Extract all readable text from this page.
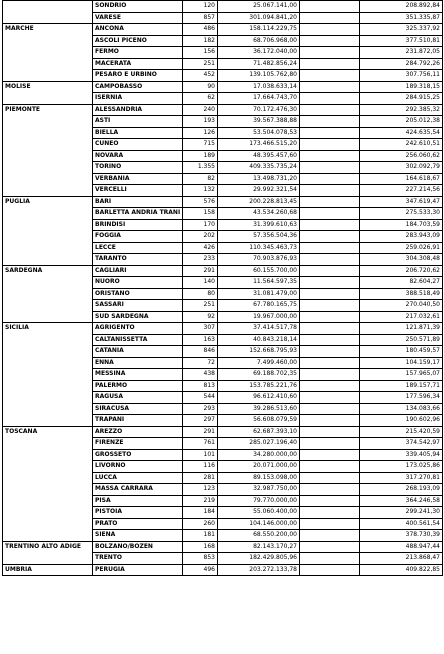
	SONDRIO	120	25.067.141,00		208.892,84
	VARESE	857	301.094.841,20		351.335,87
MARCHE	ANCONA	486	158.114.229,75		325.337,92
	ASCOLI PICENO	182	68.706.968,00		377.510,81
	FERMO	156	36.172.040,00		231.872,05
	MACERATA	251	71.482.856,24		284.792,26
	PESARO E URBINO	452	139.105.762,80		307.756,11
MOLISE	CAMPOBASSO	90	17.038.633,14		189.318,15
	ISERNIA	62	17.664.743,70		284.915,25
PIEMONTE	ALESSANDRIA	240	70.172.476,30		292.385,32
	ASTI	193	39.567.388,88		205.012,38
	BIELLA	126	53.504.078,53		424.635,54
	CUNEO	715	173.466.515,20		242.610,51
	NOVARA	189	48.395.457,60		256.060,62
	TORINO	1.355	409.335.735,24		302.092,79
	VERBANIA	82	13.498.731,20		164.618,67
	VERCELLI	132	29.992.321,54		227.214,56
PUGLIA	BARI	576	200.228.813,45		347.619,47
	BARLETTA ANDRIA TRANI	158	43.534.260,68		275.533,30
	BRINDISI	170	31.399.610,63		184.703,59
	FOGGIA	202	57.356.504,36		283.943,09
	LECCE	426	110.345.463,73		259.026,91
	TARANTO	233	70.903.876,93		304.308,48
SARDEGNA	CAGLIARI	291	60.155.700,00		206.720,62
	NUORO	140	11.564.597,35		82.604,27
	ORISTANO	80	31.081.479,00		388.518,49
	SASSARI	251	67.780.165,75		270.040,50
	SUD SARDEGNA	92	19.967.000,00		217.032,61
SICILIA	AGRIGENTO	307	37.414.517,78		121.871,39
	CALTANISSETTA	163	40.843.218,14		250.571,89
	CATANIA	846	152.668.795,93		180.459,57
	ENNA	72	7.499.460,00		104.159,17
	MESSINA	438	69.188.702,35		157.965,07
	PALERMO	813	153.785.221,76		189.157,71
	RAGUSA	544	96.612.410,60		177.596,34
	SIRACUSA	293	39.286.513,60		134.083,66
	TRAPANI	297	56.608.079,59		190.602,96
TOSCANA	AREZZO	291	62.687.393,10		215.420,59
	FIRENZE	761	285.027.196,40		374.542,97
	GROSSETO	101	34.280.000,00		339.405,94
	LIVORNO	116	20.071.000,00		173.025,86
	LUCCA	281	89.153.098,00		317.270,81
	MASSA CARRARA	123	32.987.750,00		268.193,09
	PISA	219	79.770.000,00		364.246,58
	PISTOIA	184	55.060.400,00		299.241,30
	PRATO	260	104.146.000,00		400.561,54
	SIENA	181	68.550.200,00		378.730,39
TRENTINO ALTO ADIGE	BOLZANO/BOZEN	168	82.143.170,27		488.947,44
	TRENTO	853	182.429.805,96		213.868,47
UMBRIA	PERUGIA	496	203.272.133,78		409.822,85
